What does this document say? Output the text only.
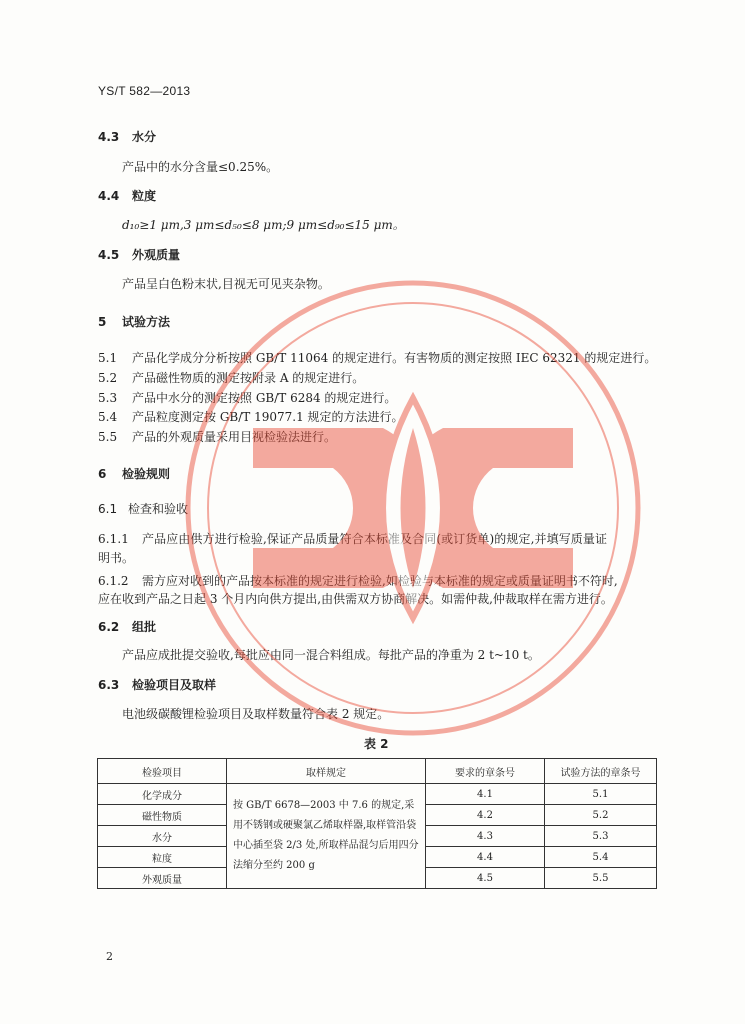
YS/T 582—2013
4.3 水分
产品中的水分含量≤0.25%。
4.4 粒度
d₁₀≥1 μm,3 μm≤d₅₀≤8 μm;9 μm≤d₉₀≤15 μm。
4.5 外观质量
产品呈白色粉末状,目视无可见夹杂物。
5 试验方法
5.1 产品化学成分分析按照 GB/T 11064 的规定进行。有害物质的测定按照 IEC 62321 的规定进行。
5.2 产品磁性物质的测定按附录 A 的规定进行。
5.3 产品中水分的测定按照 GB/T 6284 的规定进行。
5.4 产品粒度测定按 GB/T 19077.1 规定的方法进行。
5.5 产品的外观质量采用目视检验法进行。
6 检验规则
6.1 检查和验收
6.1.1 产品应由供方进行检验,保证产品质量符合本标准及合同(或订货单)的规定,并填写质量证
明书。
6.1.2 需方应对收到的产品按本标准的规定进行检验,如检验与本标准的规定或质量证明书不符时,
应在收到产品之日起 3 个月内向供方提出,由供需双方协商解决。如需仲裁,仲裁取样在需方进行。
6.2 组批
产品应成批提交验收,每批应由同一混合料组成。每批产品的净重为 2 t~10 t。
6.3 检验项目及取样
电池级碳酸锂检验项目及取样数量符合表 2 规定。
表 2
检验项目	取样规定	要求的章条号	试验方法的章条号
化学成分	按 GB/T 6678—2003 中 7.6 的规定,采用不锈钢或硬聚氯乙烯取样器,取样管沿袋中心插至袋 2/3 处,所取样品混匀后用四分法缩分至约 200 g	4.1	5.1
磁性物质		4.2	5.2
水分		4.3	5.3
粒度		4.4	5.4
外观质量		4.5	5.5
2
